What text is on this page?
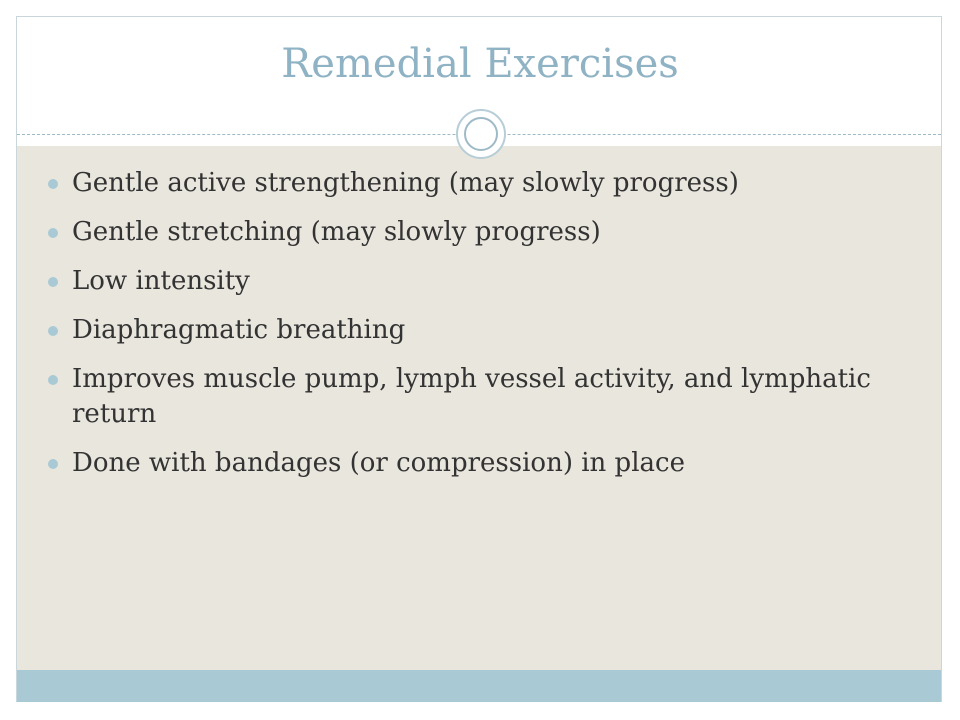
Remedial Exercises
Gentle active strengthening (may slowly progress)
Gentle stretching (may slowly progress)
Low intensity
Diaphragmatic breathing
Improves muscle pump, lymph vessel activity, and lymphatic return
Done with bandages (or compression) in place
